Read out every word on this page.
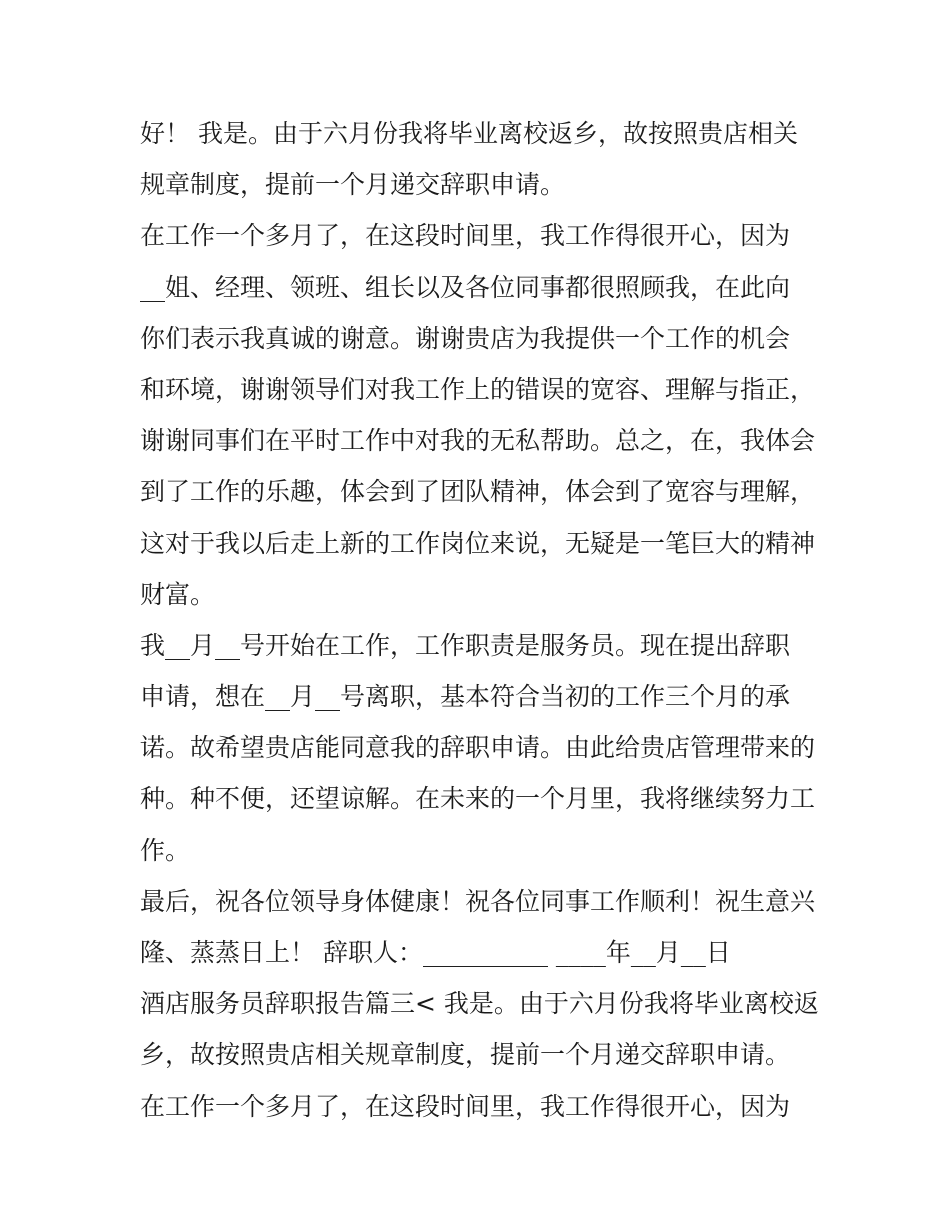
好！ 我是。由于六月份我将毕业离校返乡，故按照贵店相关
规章制度，提前一个月递交辞职申请。
在工作一个多月了，在这段时间里，我工作得很开心，因为
__姐、经理、领班、组长以及各位同事都很照顾我，在此向
你们表示我真诚的谢意。谢谢贵店为我提供一个工作的机会
和环境，谢谢领导们对我工作上的错误的宽容、理解与指正，
谢谢同事们在平时工作中对我的无私帮助。总之，在，我体会
到了工作的乐趣，体会到了团队精神，体会到了宽容与理解，
这对于我以后走上新的工作岗位来说，无疑是一笔巨大的精神
财富。
我__月__号开始在工作，工作职责是服务员。现在提出辞职
申请，想在__月__号离职，基本符合当初的工作三个月的承
诺。故希望贵店能同意我的辞职申请。由此给贵店管理带来的
种。种不便，还望谅解。在未来的一个月里，我将继续努力工
作。
最后，祝各位领导身体健康！祝各位同事工作顺利！祝生意兴
隆、蒸蒸日上！ 辞职人：__________ ____年__月__日
酒店服务员辞职报告篇三< 我是。由于六月份我将毕业离校返
乡，故按照贵店相关规章制度，提前一个月递交辞职申请。
在工作一个多月了，在这段时间里，我工作得很开心，因为
